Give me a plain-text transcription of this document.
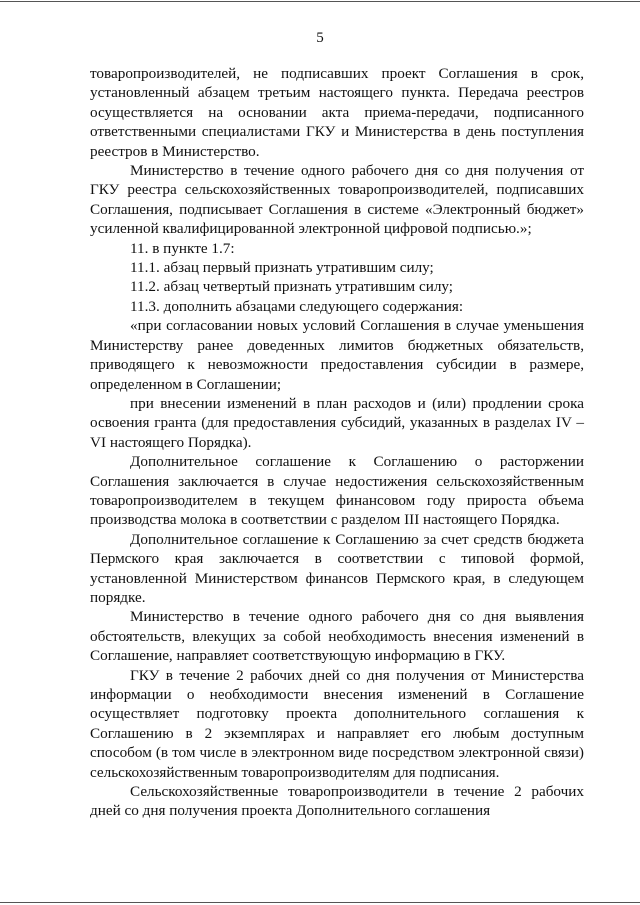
5

товаропроизводителей, не подписавших проект Соглашения в срок, установленный абзацем третьим настоящего пункта. Передача реестров осуществляется на основании акта приема-передачи, подписанного ответственными специалистами ГКУ и Министерства в день поступления реестров в Министерство.

Министерство в течение одного рабочего дня со дня получения от ГКУ реестра сельскохозяйственных товаропроизводителей, подписавших Соглашения, подписывает Соглашения в системе «Электронный бюджет» усиленной квалифицированной электронной цифровой подписью.»;

11. в пункте 1.7:

11.1. абзац первый признать утратившим силу;

11.2. абзац четвертый признать утратившим силу;

11.3. дополнить абзацами следующего содержания:

«при согласовании новых условий Соглашения в случае уменьшения Министерству ранее доведенных лимитов бюджетных обязательств, приводящего к невозможности предоставления субсидии в размере, определенном в Соглашении;

при внесении изменений в план расходов и (или) продлении срока освоения гранта (для предоставления субсидий, указанных в разделах IV – VI настоящего Порядка).

Дополнительное соглашение к Соглашению о расторжении Соглашения заключается в случае недостижения сельскохозяйственным товаропроизводителем в текущем финансовом году прироста объема производства молока в соответствии с разделом III настоящего Порядка.

Дополнительное соглашение к Соглашению за счет средств бюджета Пермского края заключается в соответствии с типовой формой, установленной Министерством финансов Пермского края, в следующем порядке.

Министерство в течение одного рабочего дня со дня выявления обстоятельств, влекущих за собой необходимость внесения изменений в Соглашение, направляет соответствующую информацию в ГКУ.

ГКУ в течение 2 рабочих дней со дня получения от Министерства информации о необходимости внесения изменений в Соглашение осуществляет подготовку проекта дополнительного соглашения к Соглашению в 2 экземплярах и направляет его любым доступным способом (в том числе в электронном виде посредством электронной связи) сельскохозяйственным товаропроизводителям для подписания.

Сельскохозяйственные товаропроизводители в течение 2 рабочих дней со дня получения проекта Дополнительного соглашения
